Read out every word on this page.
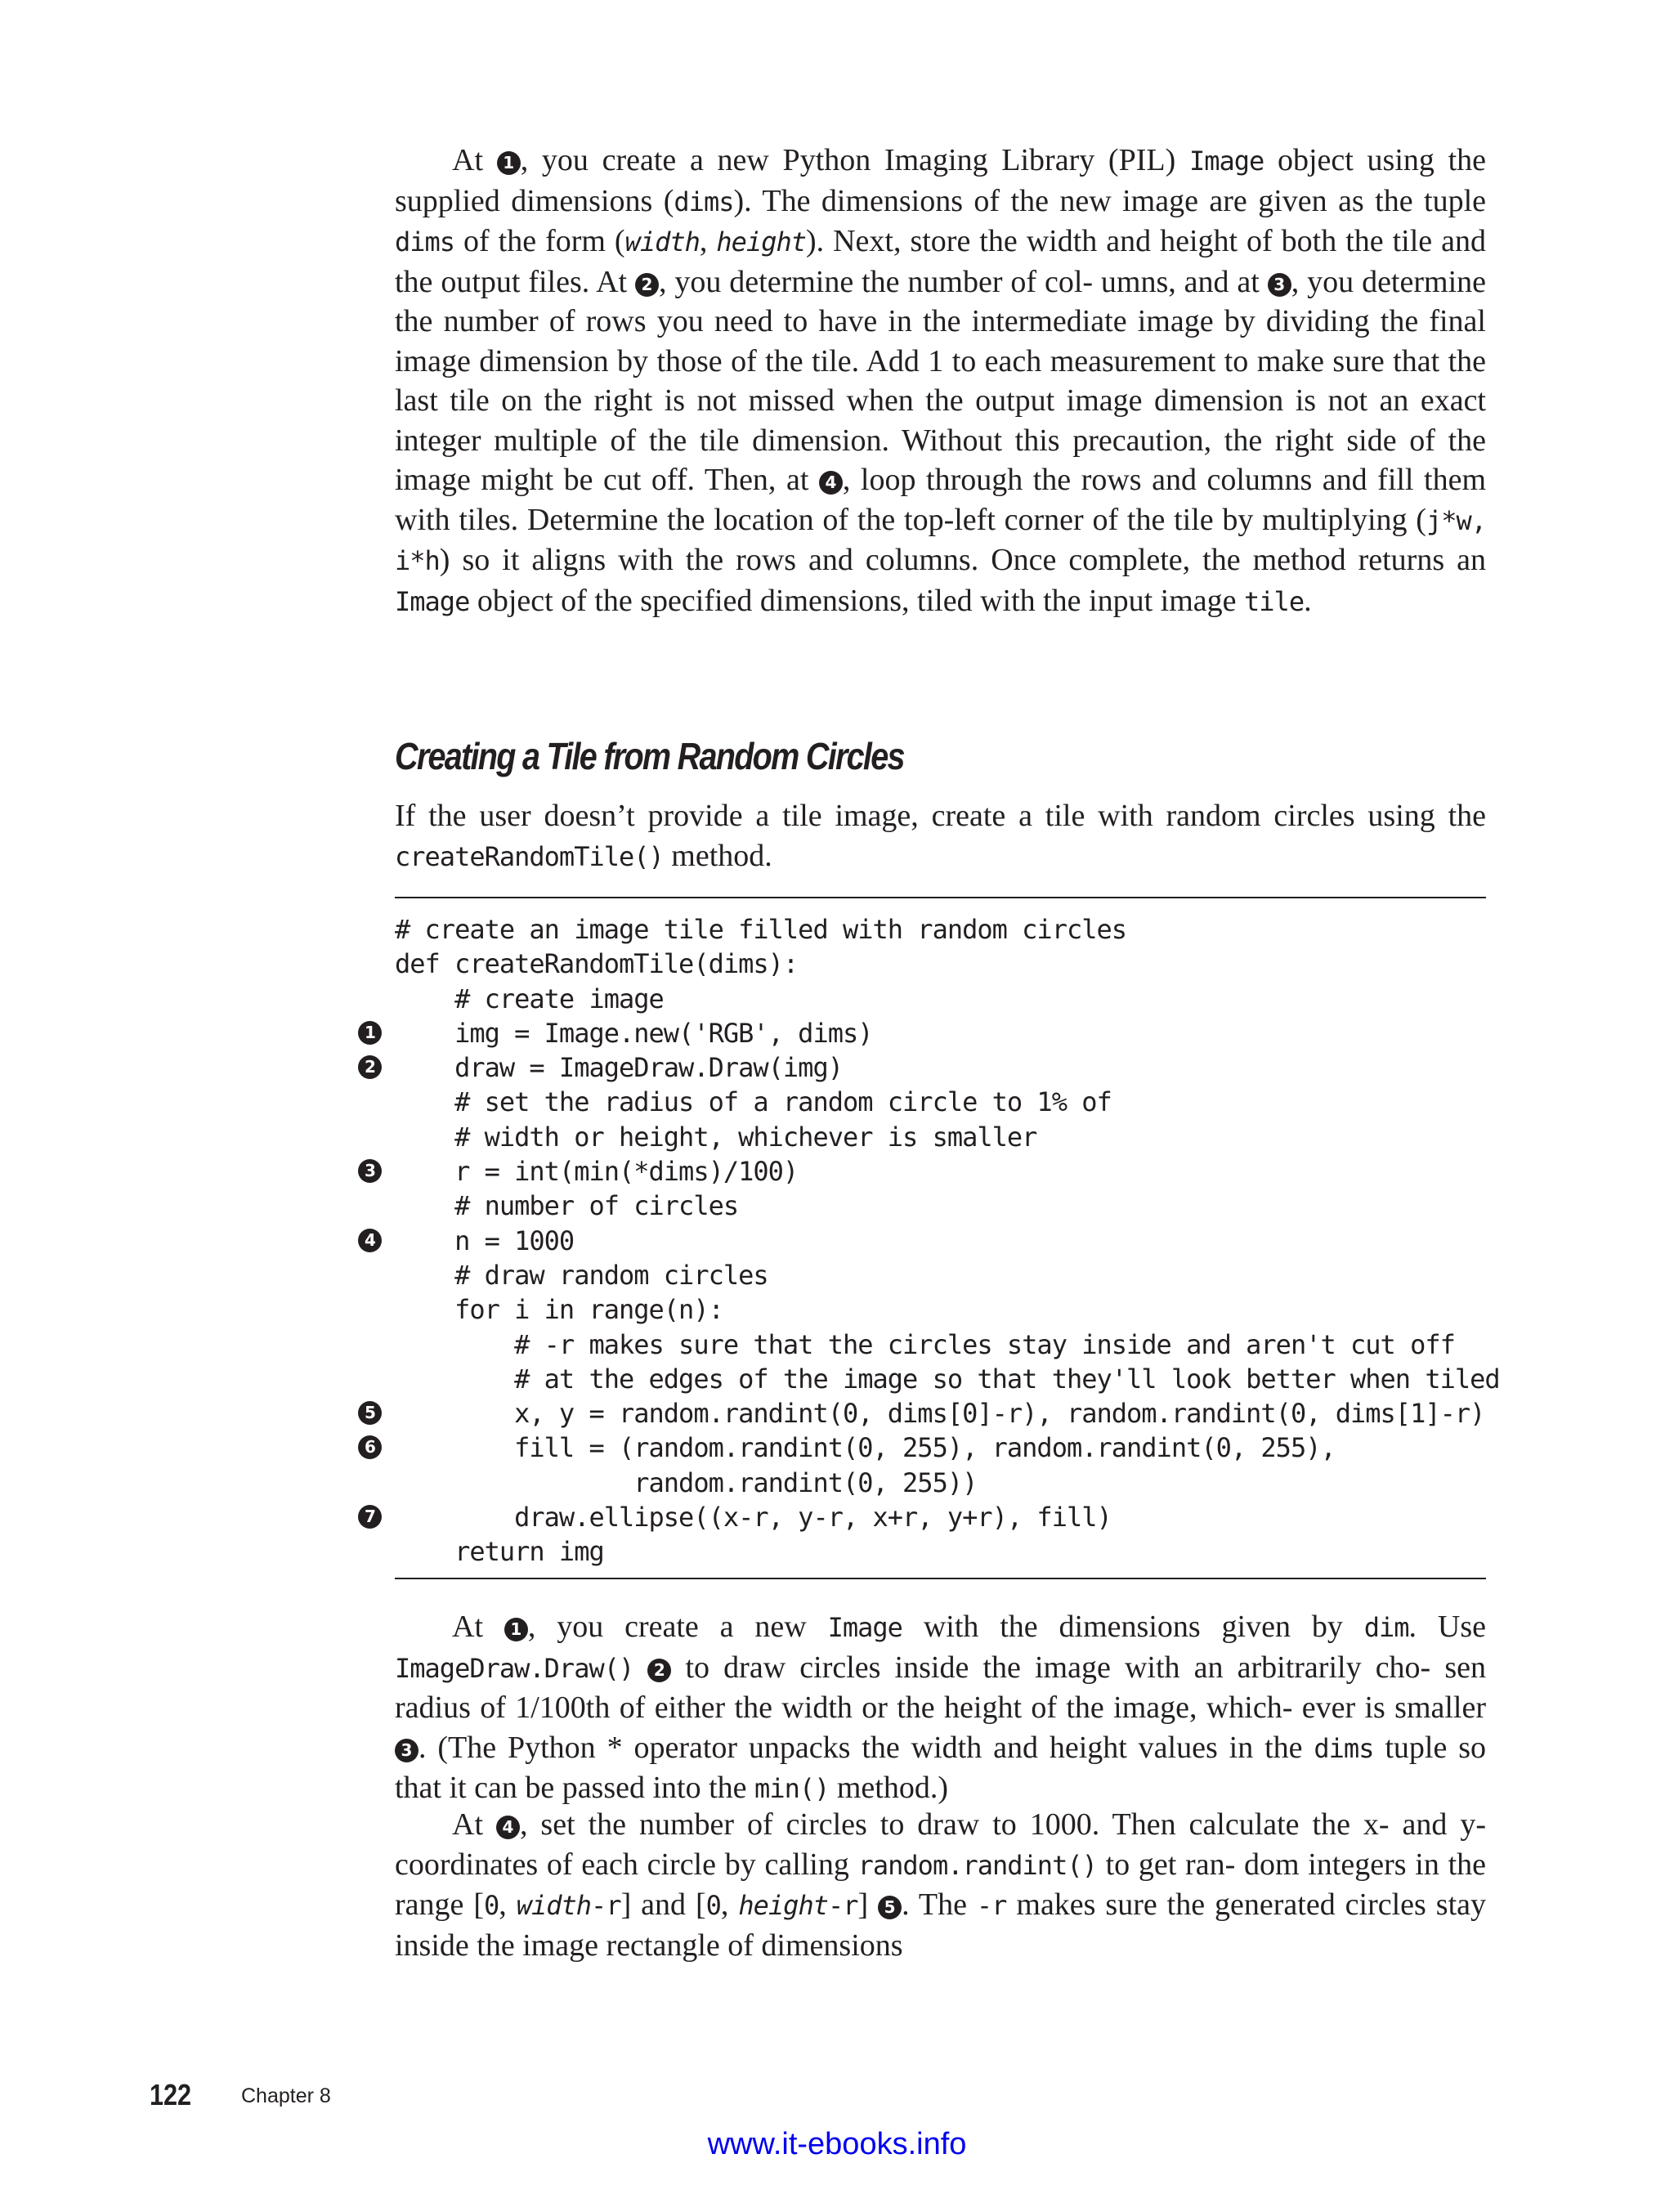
At 1 , you create a new Python Imaging Library (PIL) Image object using the supplied dimensions (dims). The dimensions of the new image are given as the tuple dims of the form (width, height). Next, store the width and height of both the tile and the output files. At 2 , you determine the number of col- umns, and at 3 , you determine the number of rows you need to have in the intermediate image by dividing the final image dimension by those of the tile. Add 1 to each measurement to make sure that the last tile on the right is not missed when the output image dimension is not an exact integer multiple of the tile dimension. Without this precaution, the right side of the image might be cut off. Then, at 4 , loop through the rows and columns and fill them with tiles. Determine the location of the top-left corner of the tile by multiplying (j*w, i*h) so it aligns with the rows and columns. Once complete, the method returns an Image object of the specified dimensions, tiled with the input image tile.

Creating a Tile from Random Circles

If the user doesn’t provide a tile image, create a tile with random circles using the createRandomTile() method.

# create an image tile filled with random circles
def createRandomTile(dims):
# create image
1 img = Image.new('RGB', dims)
2 draw = ImageDraw.Draw(img)
# set the radius of a random circle to 1% of
# width or height, whichever is smaller
3 r = int(min(*dims)/100)
# number of circles
4 n = 1000
# draw random circles
for i in range(n):
# -r makes sure that the circles stay inside and aren't cut off
# at the edges of the image so that they'll look better when tiled
5 x, y = random.randint(0, dims[0]-r), random.randint(0, dims[1]-r)
6 fill = (random.randint(0, 255), random.randint(0, 255),
random.randint(0, 255))
7 draw.ellipse((x-r, y-r, x+r, y+r), fill)
return img

At 1 , you create a new Image with the dimensions given by dim. Use ImageDraw.Draw() 2 to draw circles inside the image with an arbitrarily cho- sen radius of 1/100th of either the width or the height of the image, which- ever is smaller 3 . (The Python * operator unpacks the width and height values in the dims tuple so that it can be passed into the min() method.)

At 4 , set the number of circles to draw to 1000. Then calculate the x- and y-coordinates of each circle by calling random.randint() to get ran- dom integers in the range [0, width-r] and [0, height-r] 5 . The -r makes sure the generated circles stay inside the image rectangle of dimensions

122 Chapter 8

www.it-ebooks.info
